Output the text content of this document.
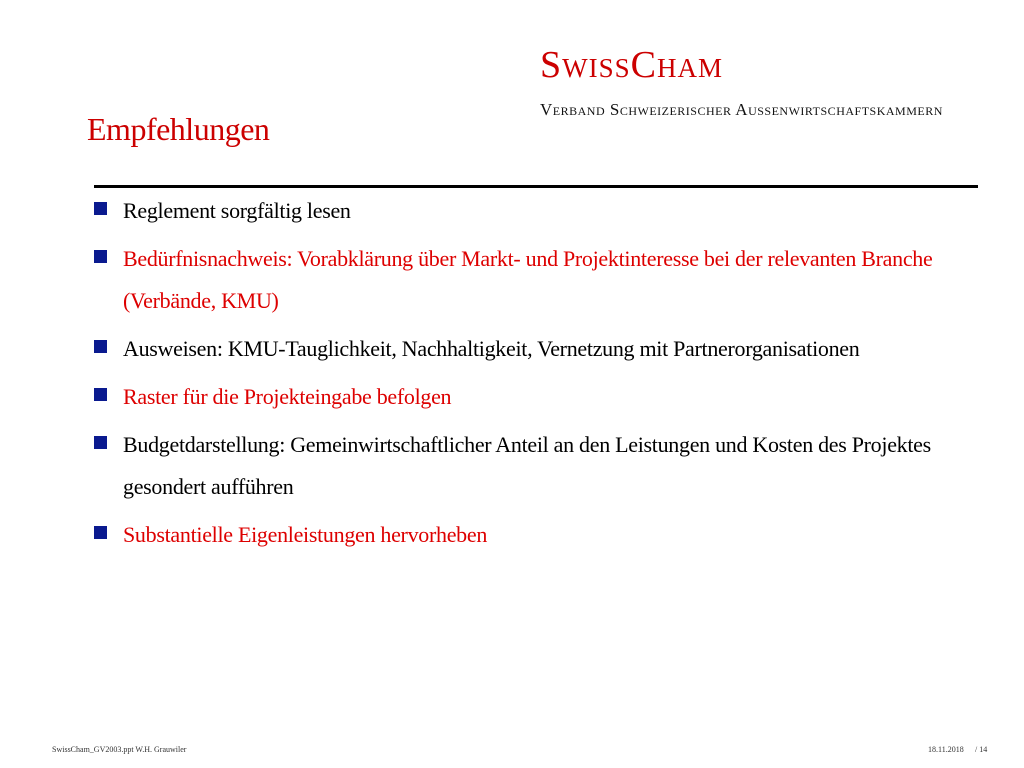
SwissCham
Verband Schweizerischer Aussenwirtschaftskammern
Empfehlungen
Reglement sorgfältig lesen
Bedürfnisnachweis: Vorabklärung über Markt- und Projektinteresse bei der relevanten Branche (Verbände, KMU)
Ausweisen: KMU-Tauglichkeit, Nachhaltigkeit, Vernetzung mit Partnerorganisationen
Raster für die Projekteingabe befolgen
Budgetdarstellung: Gemeinwirtschaftlicher Anteil an den Leistungen und Kosten des Projektes gesondert aufführen
Substantielle Eigenleistungen hervorheben
SwissCham_GV2003.ppt W.H. Grauwiler	18.11.2018 / 14
